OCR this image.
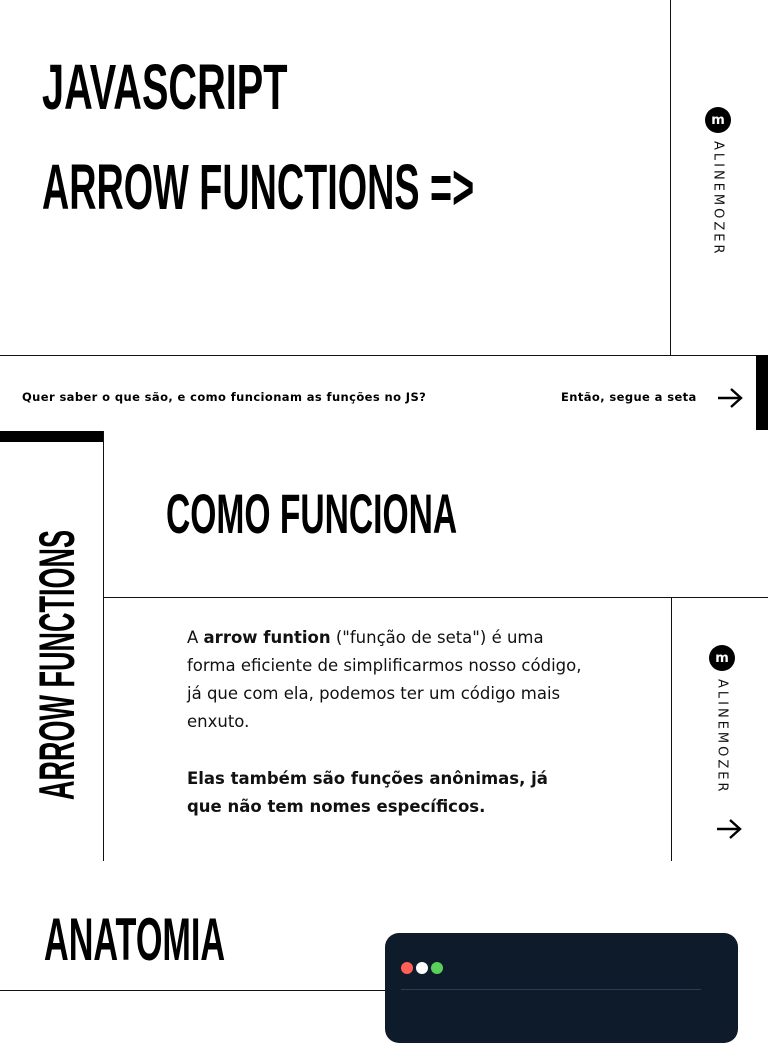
JAVASCRIPT
ARROW FUNCTIONS =>
m
ALINEMOZER
Quer saber o que são, e como funcionam as funções no JS?	Então, segue a seta
ARROW FUNCTIONS
COMO FUNCIONA
A arrow funtion ("função de seta") é uma forma eficiente de simplificarmos nosso código, já que com ela, podemos ter um código mais enxuto.
Elas também são funções anônimas, já que não tem nomes específicos.
m
ALINEMOZER
ANATOMIA
